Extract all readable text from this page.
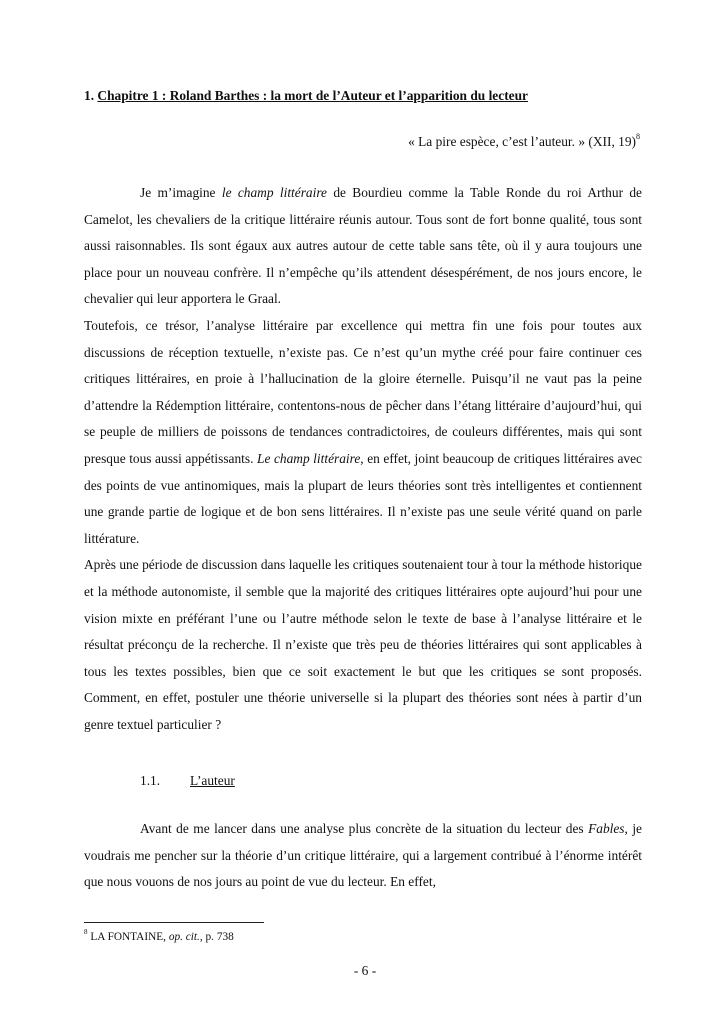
1. Chapitre 1 : Roland Barthes : la mort de l’Auteur et l’apparition du lecteur
« La pire espèce, c’est l’auteur. » (XII, 19)$^8$

Je m’imagine le champ littéraire de Bourdieu comme la Table Ronde du roi Arthur de Camelot, les chevaliers de la critique littéraire réunis autour. Tous sont de fort bonne qualité, tous sont aussi raisonnables. Ils sont égaux aux autres autour de cette table sans tête, où il y aura toujours une place pour un nouveau confrère. Il n’empêche qu’ils attendent désespérément, de nos jours encore, le chevalier qui leur apportera le Graal.

Toutefois, ce trésor, l’analyse littéraire par excellence qui mettra fin une fois pour toutes aux discussions de réception textuelle, n’existe pas. Ce n’est qu’un mythe créé pour faire continuer ces critiques littéraires, en proie à l’hallucination de la gloire éternelle. Puisqu’il ne vaut pas la peine d’attendre la Rédemption littéraire, contentons-nous de pêcher dans l’étang littéraire d’aujourd’hui, qui se peuple de milliers de poissons de tendances contradictoires, de couleurs différentes, mais qui sont presque tous aussi appétissants. Le champ littéraire, en effet, joint beaucoup de critiques littéraires avec des points de vue antinomiques, mais la plupart de leurs théories sont très intelligentes et contiennent une grande partie de logique et de bon sens littéraires. Il n’existe pas une seule vérité quand on parle littérature.

Après une période de discussion dans laquelle les critiques soutenaient tour à tour la méthode historique et la méthode autonomiste, il semble que la majorité des critiques littéraires opte aujourd’hui pour une vision mixte en préférant l’une ou l’autre méthode selon le texte de base à l’analyse littéraire et le résultat préconçu de la recherche. Il n’existe que très peu de théories littéraires qui sont applicables à tous les textes possibles, bien que ce soit exactement le but que les critiques se sont proposés. Comment, en effet, postuler une théorie universelle si la plupart des théories sont nées à partir d’un genre textuel particulier ?

1.1. L’auteur

Avant de me lancer dans une analyse plus concrète de la situation du lecteur des Fables, je voudrais me pencher sur la théorie d’un critique littéraire, qui a largement contribué à l’énorme intérêt que nous vouons de nos jours au point de vue du lecteur. En effet,

$^8$ LA FONTAINE, op. cit., p. 738
- 6 -
